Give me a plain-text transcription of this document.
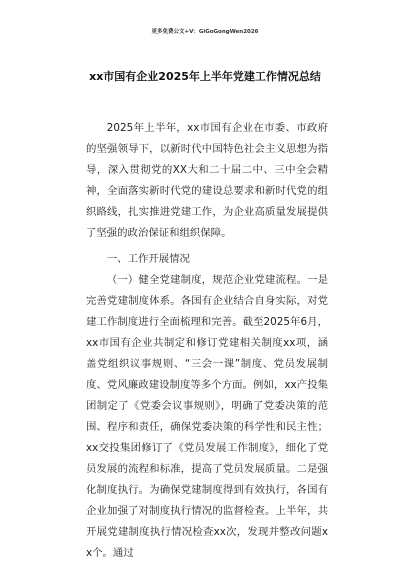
更多免费公文+V：GiGoGongWen2026
xx市国有企业2025年上半年党建工作情况总结

2025年上半年，xx市国有企业在市委、市政府的坚强领导下，以新时代中国特色社会主义思想为指导，深入贯彻党的XX大和二十届二中、三中全会精神，全面落实新时代党的建设总要求和新时代党的组织路线，扎实推进党建工作，为企业高质量发展提供了坚强的政治保证和组织保障。

一、工作开展情况

（一）健全党建制度，规范企业党建流程。一是完善党建制度体系。各国有企业结合自身实际，对党建工作制度进行全面梳理和完善。截至2025年6月，xx市国有企业共制定和修订党建相关制度xx项，涵盖党组织议事规则、“三会一课”制度、党员发展制度、党风廉政建设制度等多个方面。例如，xx产投集团制定了《党委会议事规则》，明确了党委决策的范围、程序和责任，确保党委决策的科学性和民主性；xx交投集团修订了《党员发展工作制度》，细化了党员发展的流程和标准，提高了党员发展质量。二是强化制度执行。为确保党建制度得到有效执行，各国有企业加强了对制度执行情况的监督检查。上半年，共开展党建制度执行情况检查xx次，发现并整改问题xx个。通过
